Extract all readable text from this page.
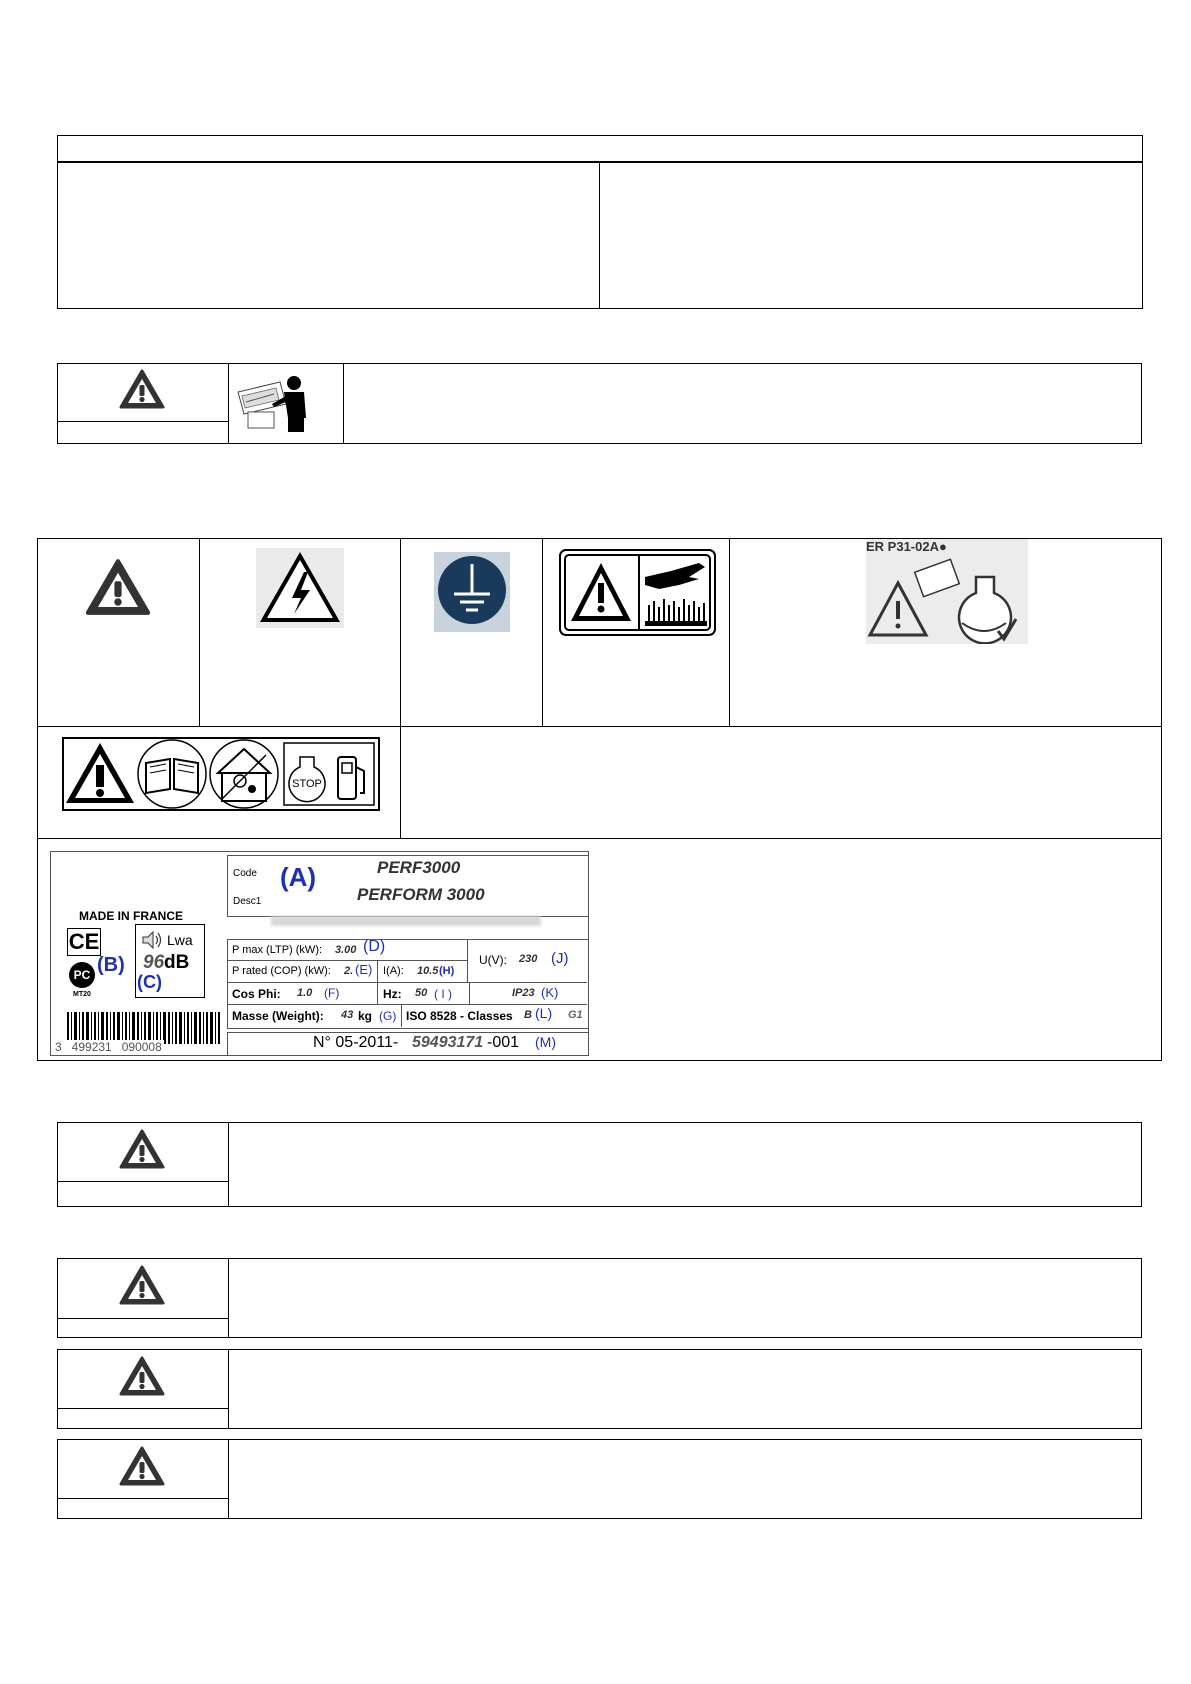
ER P31-02A●
STOP
Code
Desc1
(A)	PERF3000
PERFORM 3000
MADE IN FRANCE
CE
PC
MT20
(B)
Lwa
96 dB
(C)
P max (LTP) (kW): 3.00 (D)
P rated (COP) (kW): 2. (E) I(A): 10.5 (H)
U(V): 230 (J)
Cos Phi: 1.0 (F)	Hz: 50 ( I )	IP23 (K)
Masse (Weight): 43 kg (G) ISO 8528 - Classes B (L) G1
N° 05-2011- 59493171 -001 (M)
3   499231   090008
